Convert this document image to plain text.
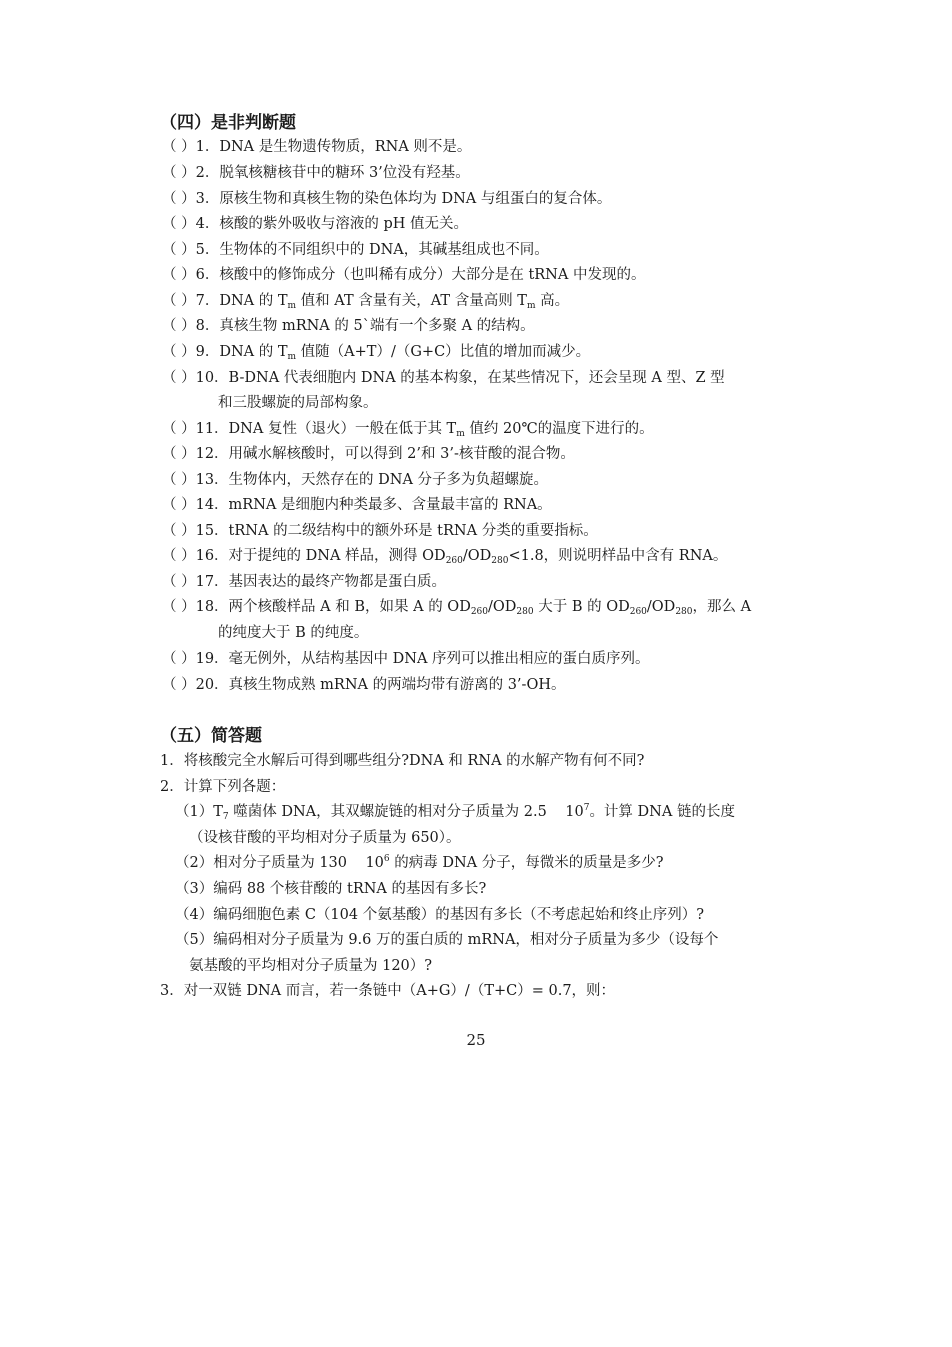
（四）是非判断题
（ ）1．DNA 是生物遗传物质，RNA 则不是。
（ ）2．脱氧核糖核苷中的糖环 3’位没有羟基。
（ ）3．原核生物和真核生物的染色体均为 DNA 与组蛋白的复合体。
（ ）4．核酸的紫外吸收与溶液的 pH 值无关。
（ ）5．生物体的不同组织中的 DNA，其碱基组成也不同。
（ ）6．核酸中的修饰成分（也叫稀有成分）大部分是在 tRNA 中发现的。
（ ）7．DNA 的 $T_m$ 值和 AT 含量有关，AT 含量高则 $T_m$ 高。
（ ）8．真核生物 mRNA 的 5`端有一个多聚 A 的结构。
（ ）9．DNA 的 $T_m$ 值随（A+T）/（G+C）比值的增加而减少。
（ ）10．B-DNA 代表细胞内 DNA 的基本构象，在某些情况下，还会呈现 A 型、Z 型
和三股螺旋的局部构象。
（ ）11．DNA 复性（退火）一般在低于其 $T_m$ 值约 20℃的温度下进行的。
（ ）12．用碱水解核酸时，可以得到 2’和 3’-核苷酸的混合物。
（ ）13．生物体内，天然存在的 DNA 分子多为负超螺旋。
（ ）14．mRNA 是细胞内种类最多、含量最丰富的 RNA。
（ ）15．tRNA 的二级结构中的额外环是 tRNA 分类的重要指标。
（ ）16．对于提纯的 DNA 样品，测得 $OD_{260}/OD_{280}<1.8$，则说明样品中含有 RNA。
（ ）17．基因表达的最终产物都是蛋白质。
（ ）18．两个核酸样品 A 和 B，如果 A 的 $OD_{260}/OD_{280}$ 大于 B 的 $OD_{260}/OD_{280}$，那么 A
的纯度大于 B 的纯度。
（ ）19．毫无例外，从结构基因中 DNA 序列可以推出相应的蛋白质序列。
（ ）20．真核生物成熟 mRNA 的两端均带有游离的 3’-OH。
（五）简答题
1．将核酸完全水解后可得到哪些组分?DNA 和 RNA 的水解产物有何不同?
2．计算下列各题：
$(1)T_7$ 噬菌体 DNA，其双螺旋链的相对分子质量为 2.5    $10^7$。计算 DNA 链的长度
（设核苷酸的平均相对分子质量为 650）。
（2）相对分子质量为 130    $10^6$ 的病毒 DNA 分子，每微米的质量是多少?
（3）编码 88 个核苷酸的 tRNA 的基因有多长?
（4）编码细胞色素 C（104 个氨基酸）的基因有多长（不考虑起始和终止序列）?
（5）编码相对分子质量为 9.6 万的蛋白质的 mRNA，相对分子质量为多少（设每个
氨基酸的平均相对分子质量为 120）?
3．对一双链 DNA 而言，若一条链中（A+G）/（T+C）= 0.7，则：
25
